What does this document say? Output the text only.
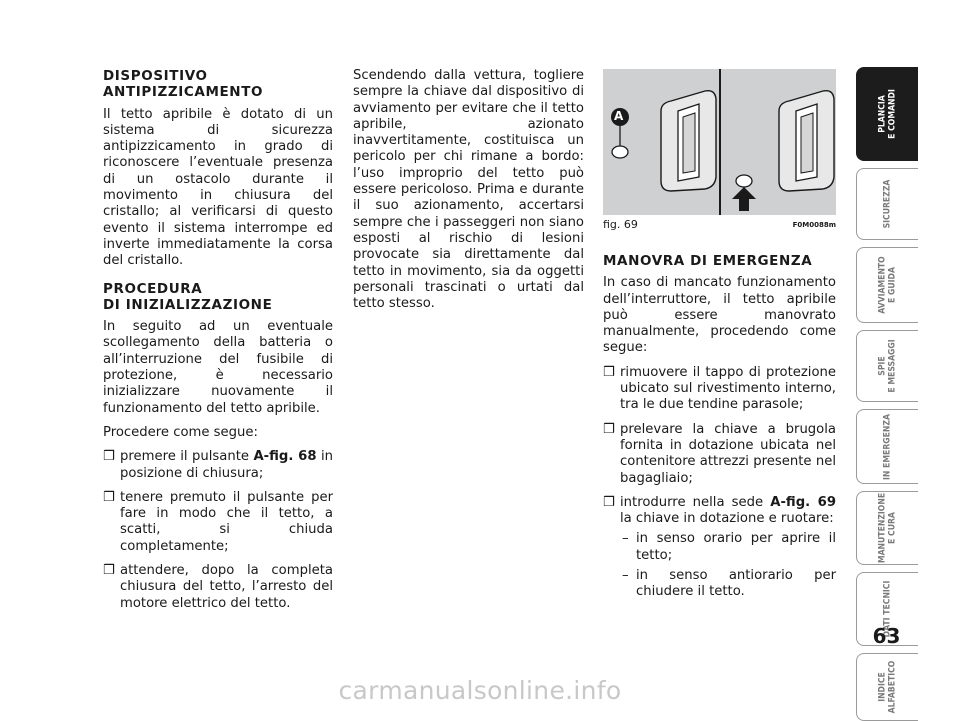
DISPOSITIVO
ANTIPIZZICAMENTO

Il tetto apribile è dotato di un sistema di sicurezza antipizzicamento in grado di riconoscere l’eventuale presenza di un ostacolo durante il movimento in chiusura del cristallo; al verificarsi di questo evento il sistema interrompe ed inverte immediatamente la corsa del cristallo.

PROCEDURA
DI INIZIALIZZAZIONE

In seguito ad un eventuale scollegamento della batteria o all’interruzione del fusibile di protezione, è necessario inizializzare nuovamente il funzionamento del tetto apribile.

Procedere come segue:

❒ premere il pulsante A-fig. 68 in posizione di chiusura;
❒ tenere premuto il pulsante per fare in modo che il tetto, a scatti, si chiuda completamente;
❒ attendere, dopo la completa chiusura del tetto, l’arresto del motore elettrico del tetto.

Scendendo dalla vettura, togliere sempre la chiave dal dispositivo di avviamento per evitare che il tetto apribile, azionato inavvertitamente, costituisca un pericolo per chi rimane a bordo: l’uso improprio del tetto può essere pericoloso. Prima e durante il suo azionamento, accertarsi sempre che i passeggeri non siano esposti al rischio di lesioni provocate sia direttamente dal tetto in movimento, sia da oggetti personali trascinati o urtati dal tetto stesso.

A
fig. 69	F0M0088m
MANOVRA DI EMERGENZA

In caso di mancato funzionamento dell’interruttore, il tetto apribile può essere manovrato manualmente, procedendo come segue:

❒ rimuovere il tappo di protezione ubicato sul rivestimento interno, tra le due tendine parasole;
❒ prelevare la chiave a brugola fornita in dotazione ubicata nel contenitore attrezzi presente nel bagagliaio;
❒ introdurre nella sede A-fig. 69 la chiave in dotazione e ruotare:
– in senso orario per aprire il tetto;
– in senso antiorario per chiudere il tetto.
PLANCIA
E COMANDI
SICUREZZA
AVVIAMENTO
E GUIDA
SPIE
E MESSAGGI
IN EMERGENZA
MANUTENZIONE
E CURA
DATI TECNICI
INDICE
ALFABETICO
63
carmanualsonline.info
